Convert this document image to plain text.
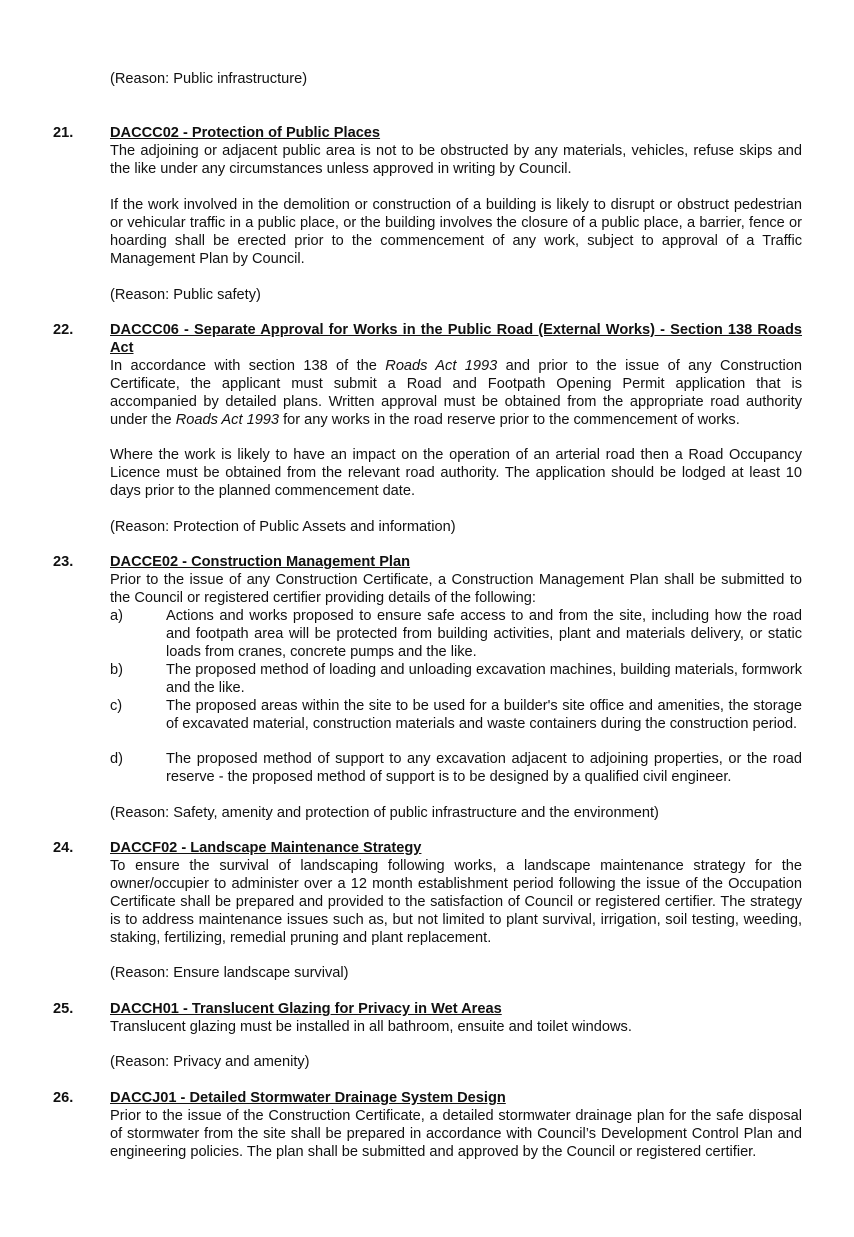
(Reason: Public infrastructure)

21.	DACCC02 - Protection of Public Places

The adjoining or adjacent public area is not to be obstructed by any materials, vehicles, refuse skips and the like under any circumstances unless approved in writing by Council.

If the work involved in the demolition or construction of a building is likely to disrupt or obstruct pedestrian or vehicular traffic in a public place, or the building involves the closure of a public place, a barrier, fence or hoarding shall be erected prior to the commencement of any work, subject to approval of a Traffic Management Plan by Council.

(Reason: Public safety)

22.	DACCC06 - Separate Approval for Works in the Public Road (External Works) - Section 138 Roads Act

In accordance with section 138 of the Roads Act 1993 and prior to the issue of any Construction Certificate, the applicant must submit a Road and Footpath Opening Permit application that is accompanied by detailed plans. Written approval must be obtained from the appropriate road authority under the Roads Act 1993 for any works in the road reserve prior to the commencement of works.

Where the work is likely to have an impact on the operation of an arterial road then a Road Occupancy Licence must be obtained from the relevant road authority. The application should be lodged at least 10 days prior to the planned commencement date.

(Reason: Protection of Public Assets and information)

23.	DACCE02 - Construction Management Plan

Prior to the issue of any Construction Certificate, a Construction Management Plan shall be submitted to the Council or registered certifier providing details of the following:

a)	Actions and works proposed to ensure safe access to and from the site, including how the road and footpath area will be protected from building activities, plant and materials delivery, or static loads from cranes, concrete pumps and the like.
b)	The proposed method of loading and unloading excavation machines, building materials, formwork and the like.
c)	The proposed areas within the site to be used for a builder's site office and amenities, the storage of excavated material, construction materials and waste containers during the construction period.
d)	The proposed method of support to any excavation adjacent to adjoining properties, or the road reserve - the proposed method of support is to be designed by a qualified civil engineer.

(Reason: Safety, amenity and protection of public infrastructure and the environment)

24.	DACCF02 - Landscape Maintenance Strategy

To ensure the survival of landscaping following works, a landscape maintenance strategy for the owner/occupier to administer over a 12 month establishment period following the issue of the Occupation Certificate shall be prepared and provided to the satisfaction of Council or registered certifier. The strategy is to address maintenance issues such as, but not limited to plant survival, irrigation, soil testing, weeding, staking, fertilizing, remedial pruning and plant replacement.

(Reason: Ensure landscape survival)

25.	DACCH01 - Translucent Glazing for Privacy in Wet Areas

Translucent glazing must be installed in all bathroom, ensuite and toilet windows.

(Reason: Privacy and amenity)

26.	DACCJ01 - Detailed Stormwater Drainage System Design

Prior to the issue of the Construction Certificate, a detailed stormwater drainage plan for the safe disposal of stormwater from the site shall be prepared in accordance with Council’s Development Control Plan and engineering policies. The plan shall be submitted and approved by the Council or registered certifier.
